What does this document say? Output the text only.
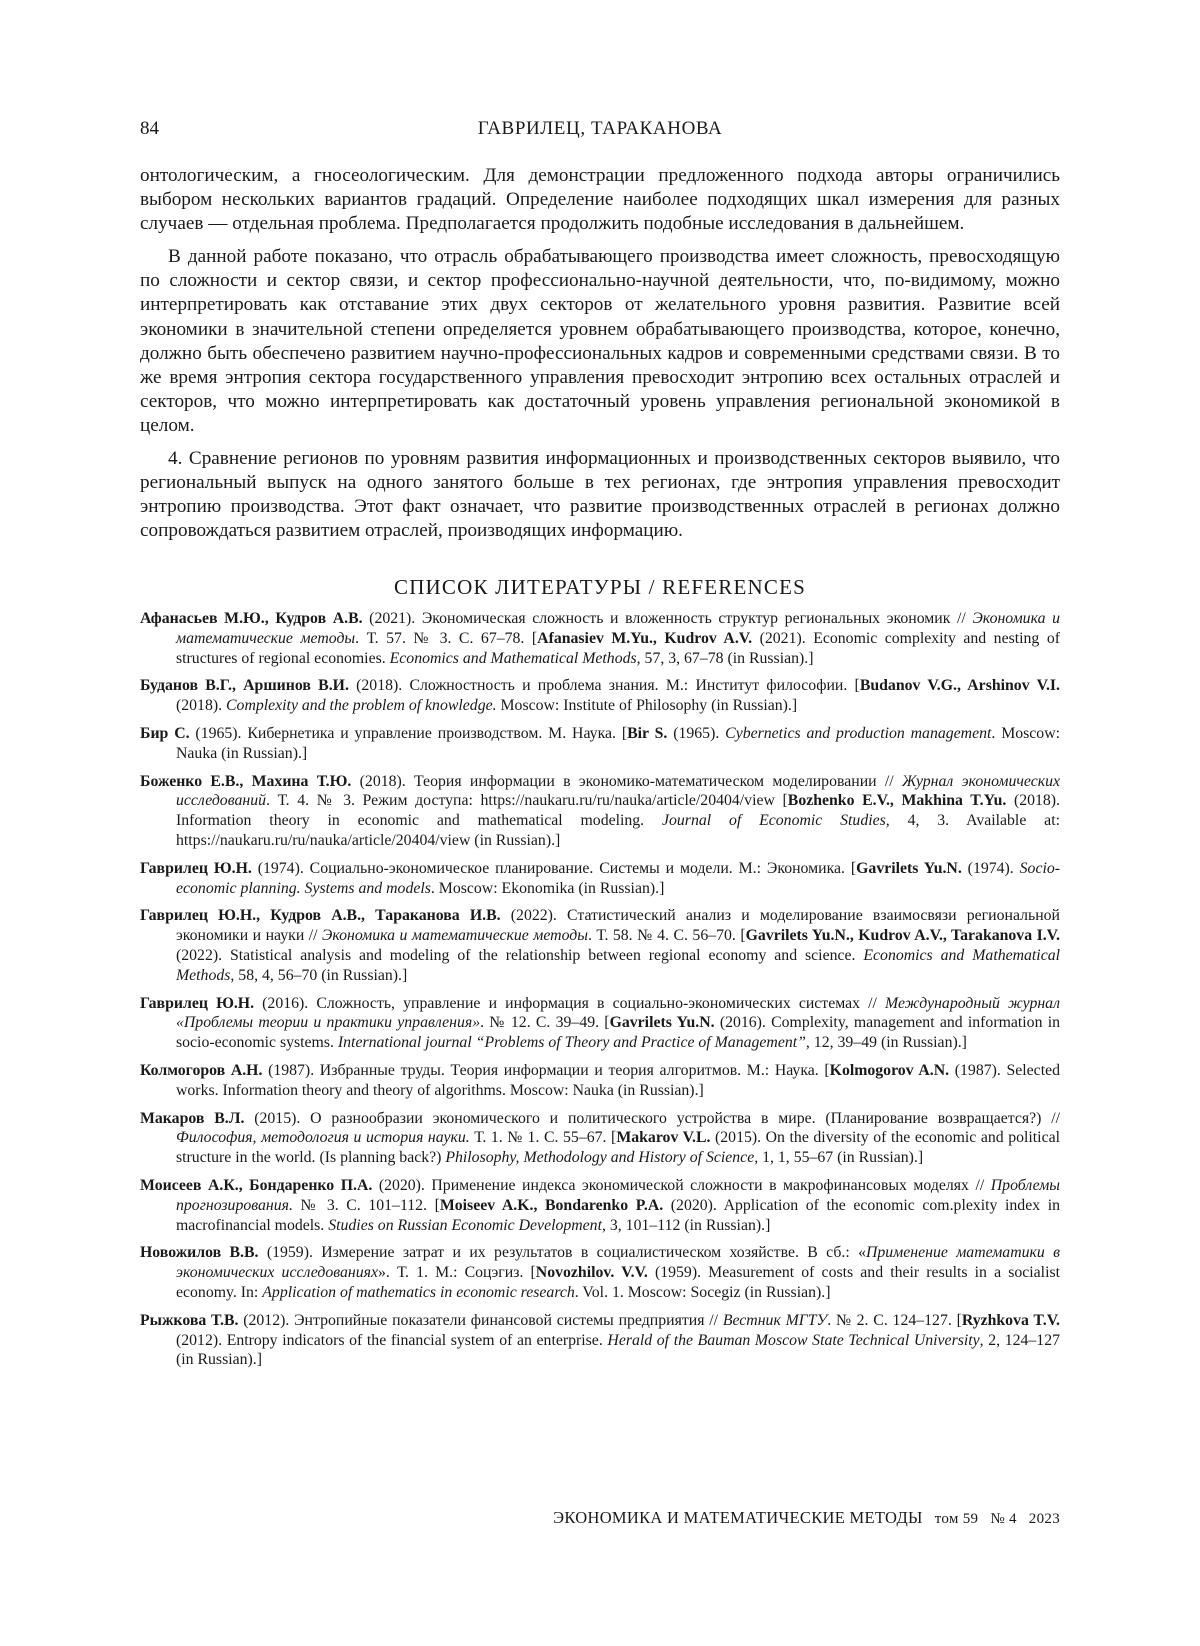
84	ГАВРИЛЕЦ, ТАРАКАНОВА

онтологическим, а гносеологическим. Для демонстрации предложенного подхода авторы ограничились выбором нескольких вариантов градаций. Определение наиболее подходящих шкал измерения для разных случаев — отдельная проблема. Предполагается продолжить подобные исследования в дальнейшем.

В данной работе показано, что отрасль обрабатывающего производства имеет сложность, превосходящую по сложности и сектор связи, и сектор профессионально-научной деятельности, что, по-видимому, можно интерпретировать как отставание этих двух секторов от желательного уровня развития. Развитие всей экономики в значительной степени определяется уровнем обрабатывающего производства, которое, конечно, должно быть обеспечено развитием научно-профессиональных кадров и современными средствами связи. В то же время энтропия сектора государственного управления превосходит энтропию всех остальных отраслей и секторов, что можно интерпретировать как достаточный уровень управления региональной экономикой в целом.

4. Сравнение регионов по уровням развития информационных и производственных секторов выявило, что региональный выпуск на одного занятого больше в тех регионах, где энтропия управления превосходит энтропию производства. Этот факт означает, что развитие производственных отраслей в регионах должно сопровождаться развитием отраслей, производящих информацию.

СПИСОК ЛИТЕРАТУРЫ / REFERENCES

Афанасьев М.Ю., Кудров А.В. (2021). Экономическая сложность и вложенность структур региональных экономик // Экономика и математические методы. Т. 57. № 3. С. 67–78. [Afanasiev M.Yu., Kudrov A.V. (2021). Economic complexity and nesting of structures of regional economies. Economics and Mathematical Methods, 57, 3, 67–78 (in Russian).]

Буданов В.Г., Аршинов В.И. (2018). Сложностность и проблема знания. М.: Институт философии. [Budanov V.G., Arshinov V.I. (2018). Complexity and the problem of knowledge. Moscow: Institute of Philosophy (in Russian).]

Бир С. (1965). Кибернетика и управление производством. М. Наука. [Bir S. (1965). Cybernetics and production management. Moscow: Nauka (in Russian).]

Боженко Е.В., Махина Т.Ю. (2018). Теория информации в экономико-математическом моделировании // Журнал экономических исследований. Т. 4. № 3. Режим доступа: https://naukaru.ru/ru/nauka/article/20404/view [Bozhenko E.V., Makhina T.Yu. (2018). Information theory in economic and mathematical modeling. Journal of Economic Studies, 4, 3. Available at: https://naukaru.ru/ru/nauka/article/20404/view (in Russian).]

Гаврилец Ю.Н. (1974). Социально-экономическое планирование. Системы и модели. М.: Экономика. [Gavrilets Yu.N. (1974). Socio-economic planning. Systems and models. Moscow: Ekonomika (in Russian).]

Гаврилец Ю.Н., Кудров А.В., Тараканова И.В. (2022). Статистический анализ и моделирование взаимосвязи региональной экономики и науки // Экономика и математические методы. Т. 58. № 4. С. 56–70. [Gavrilets Yu.N., Kudrov A.V., Tarakanova I.V. (2022). Statistical analysis and modeling of the relationship between regional economy and science. Economics and Mathematical Methods, 58, 4, 56–70 (in Russian).]

Гаврилец Ю.Н. (2016). Сложность, управление и информация в социально-экономических системах // Международный журнал «Проблемы теории и практики управления». № 12. С. 39–49. [Gavrilets Yu.N. (2016). Complexity, management and information in socio-economic systems. International journal “Problems of Theory and Practice of Management”, 12, 39–49 (in Russian).]

Колмогоров А.Н. (1987). Избранные труды. Теория информации и теория алгоритмов. М.: Наука. [Kolmogorov A.N. (1987). Selected works. Information theory and theory of algorithms. Moscow: Nauka (in Russian).]

Макаров В.Л. (2015). О разнообразии экономического и политического устройства в мире. (Планирование возвращается?) // Философия, методология и история науки. Т. 1. № 1. С. 55–67. [Makarov V.L. (2015). On the diversity of the economic and political structure in the world. (Is planning back?) Philosophy, Methodology and History of Science, 1, 1, 55–67 (in Russian).]

Моисеев А.К., Бондаренко П.А. (2020). Применение индекса экономической сложности в макрофинансовых моделях // Проблемы прогнозирования. № 3. С. 101–112. [Moiseev A.K., Bondarenko P.A. (2020). Application of the economic com.plexity index in macrofinancial models. Studies on Russian Economic Development, 3, 101–112 (in Russian).]

Новожилов В.В. (1959). Измерение затрат и их результатов в социалистическом хозяйстве. В сб.: «Применение математики в экономических исследованиях». Т. 1. М.: Соцэгиз. [Novozhilov. V.V. (1959). Measurement of costs and their results in a socialist economy. In: Application of mathematics in economic research. Vol. 1. Moscow: Socegiz (in Russian).]

Рыжкова Т.В. (2012). Энтропийные показатели финансовой системы предприятия // Вестник МГТУ. № 2. С. 124–127. [Ryzhkova T.V. (2012). Entropy indicators of the financial system of an enterprise. Herald of the Bauman Moscow State Technical University, 2, 124–127 (in Russian).]

ЭКОНОМИКА И МАТЕМАТИЧЕСКИЕ МЕТОДЫ том 59 № 4 2023
